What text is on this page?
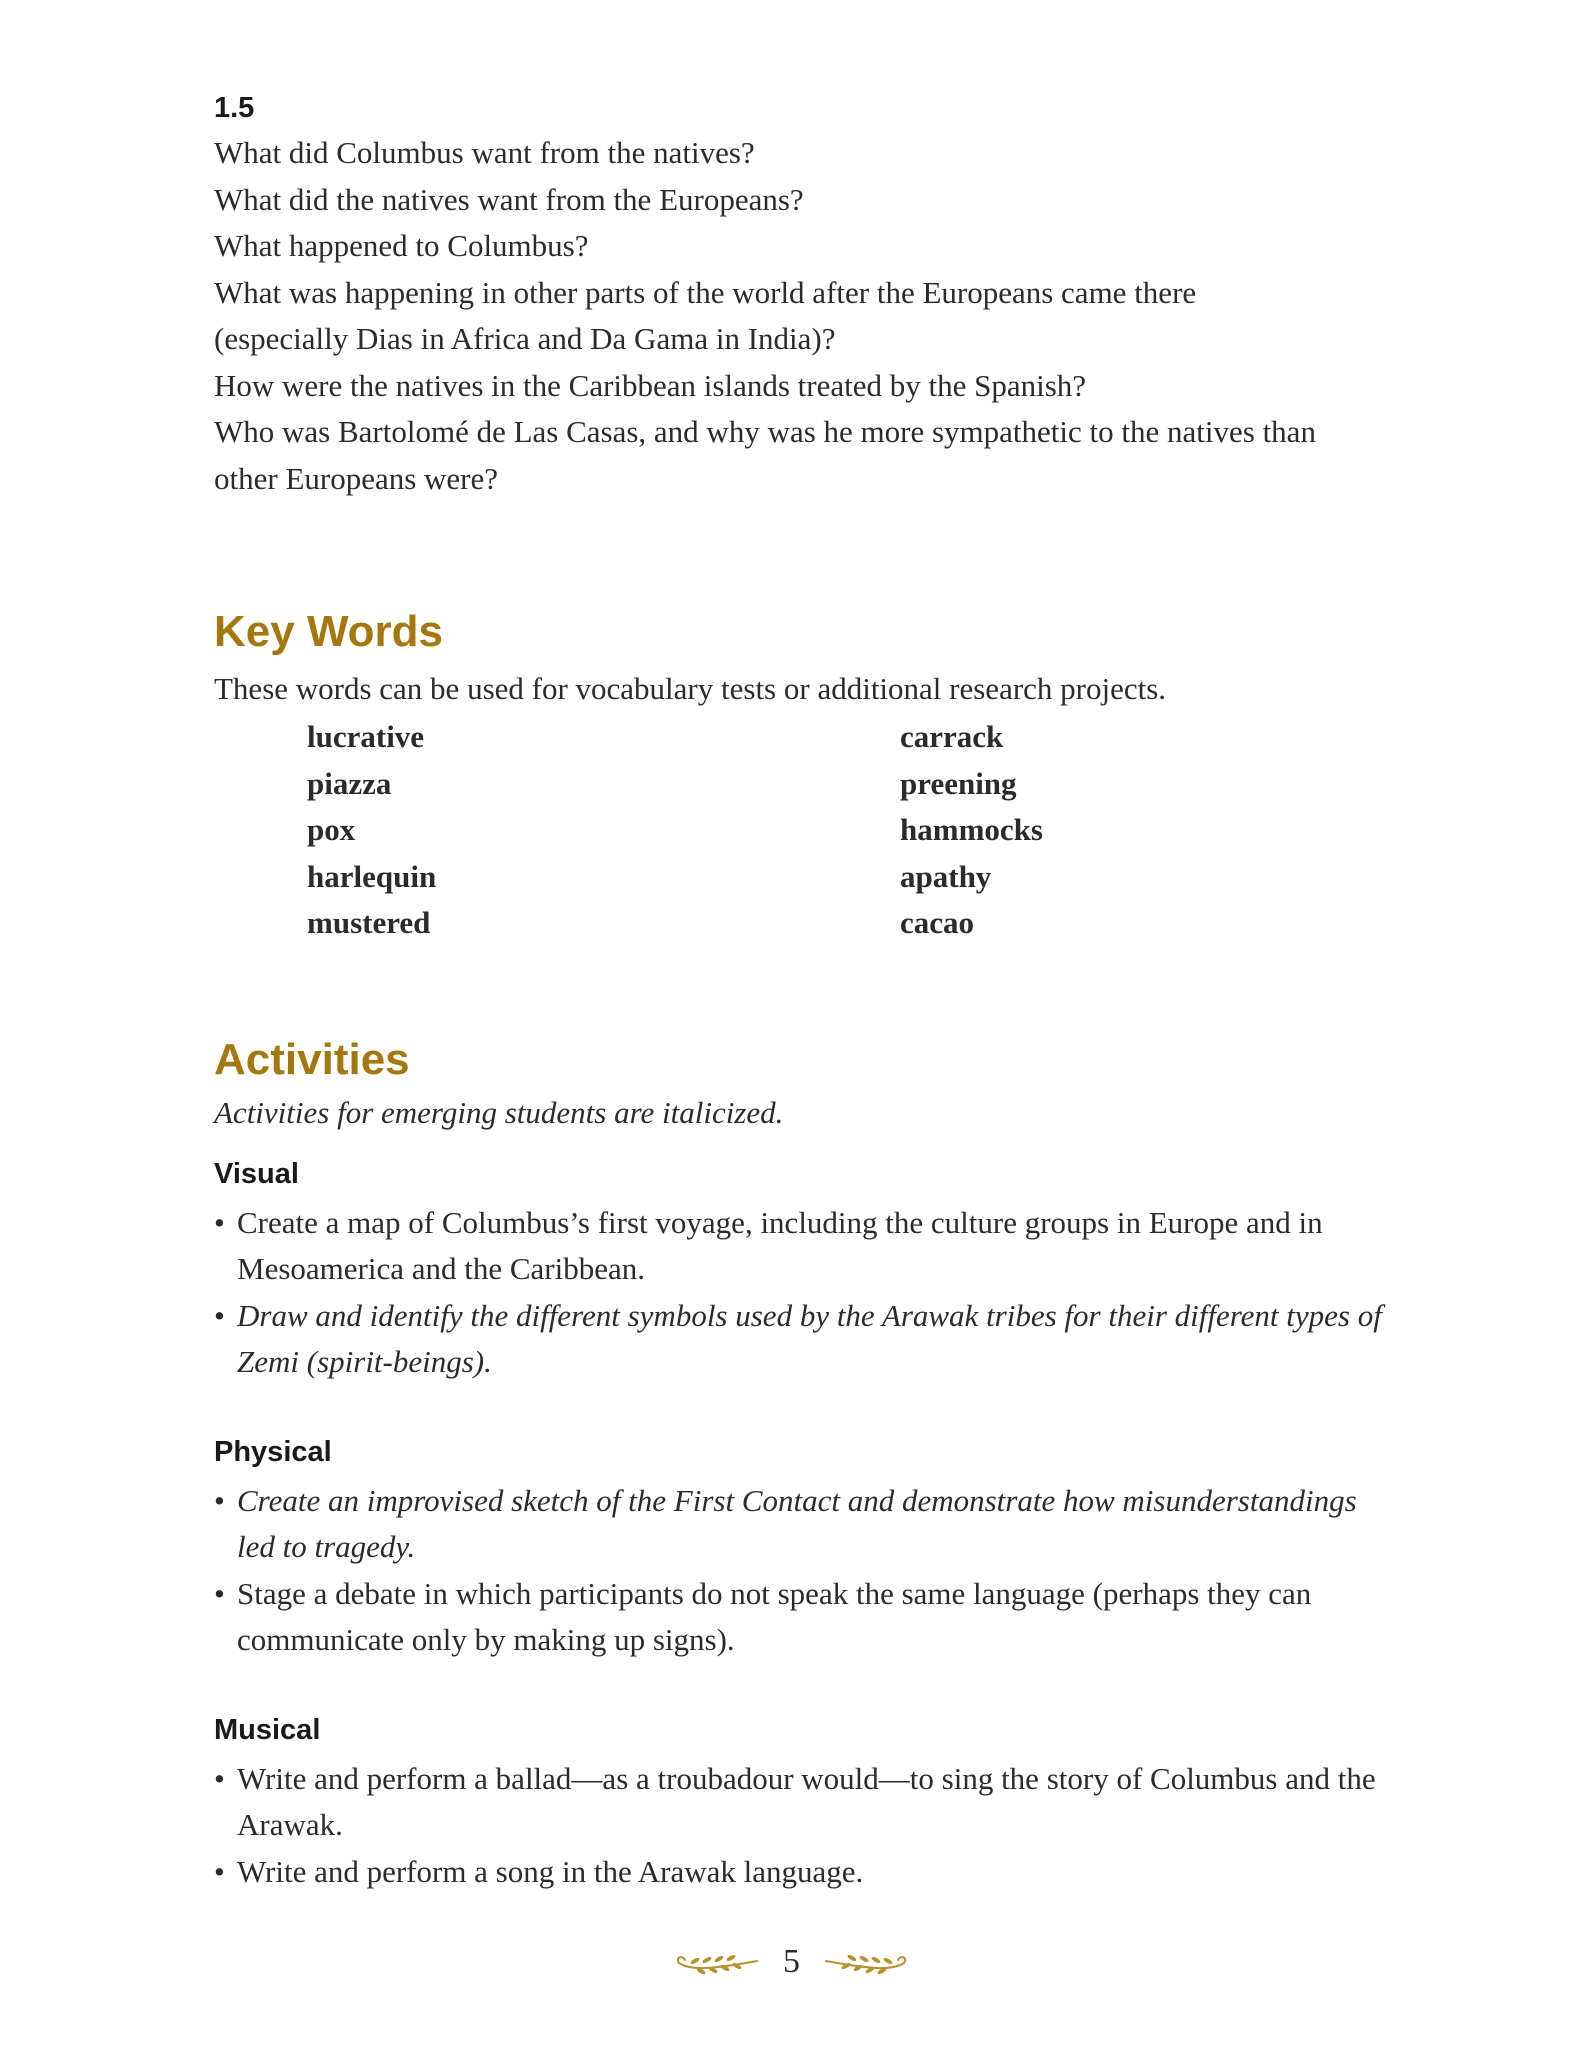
1.5

What did Columbus want from the natives?

What did the natives want from the Europeans?

What happened to Columbus?

What was happening in other parts of the world after the Europeans came there

(especially Dias in Africa and Da Gama in India)?

How were the natives in the Caribbean islands treated by the Spanish?

Who was Bartolomé de Las Casas, and why was he more sympathetic to the natives than

other Europeans were?

Key Words

These words can be used for vocabulary tests or additional research projects.

lucrative	carrack
piazza	preening
pox	hammocks
harlequin	apathy
mustered	cacao
Activities

Activities for emerging students are italicized.

Visual
• Create a map of Columbus’s first voyage, including the culture groups in Europe and in Mesoamerica and the Caribbean.
• Draw and identify the different symbols used by the Arawak tribes for their different types of Zemi (spirit-beings).
Physical
• Create an improvised sketch of the First Contact and demonstrate how misunderstandings led to tragedy.
• Stage a debate in which participants do not speak the same language (perhaps they can communicate only by making up signs).
Musical
• Write and perform a ballad—as a troubadour would—to sing the story of Columbus and the Arawak.
• Write and perform a song in the Arawak language.
5
